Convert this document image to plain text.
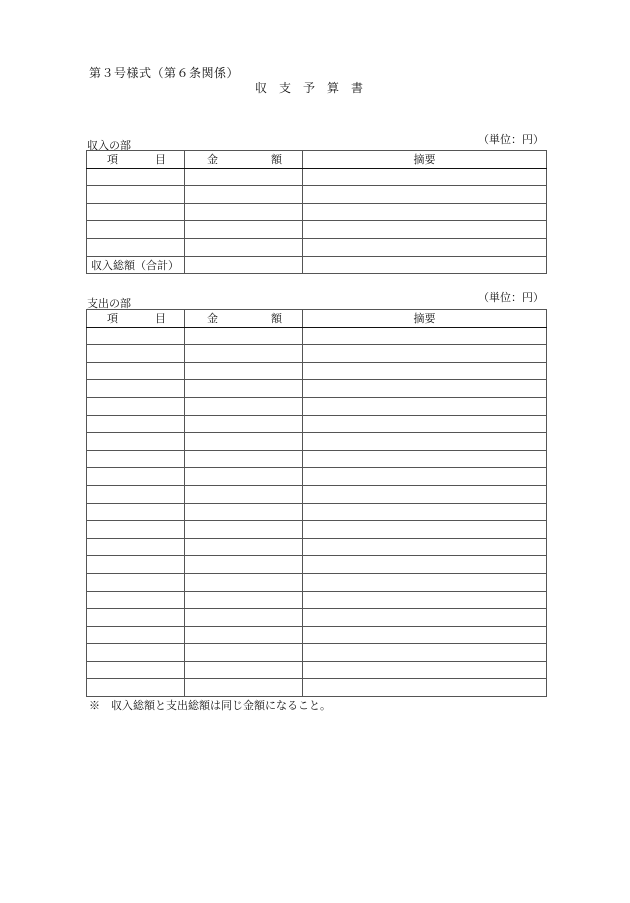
第３号様式（第６条関係）
収　支　予　算　書
収入の部	（単位：円）
項 目	金 額	摘要

収入総額（合計）		
支出の部	（単位：円）
項 目	金 額	摘要

※　収入総額と支出総額は同じ金額になること。
